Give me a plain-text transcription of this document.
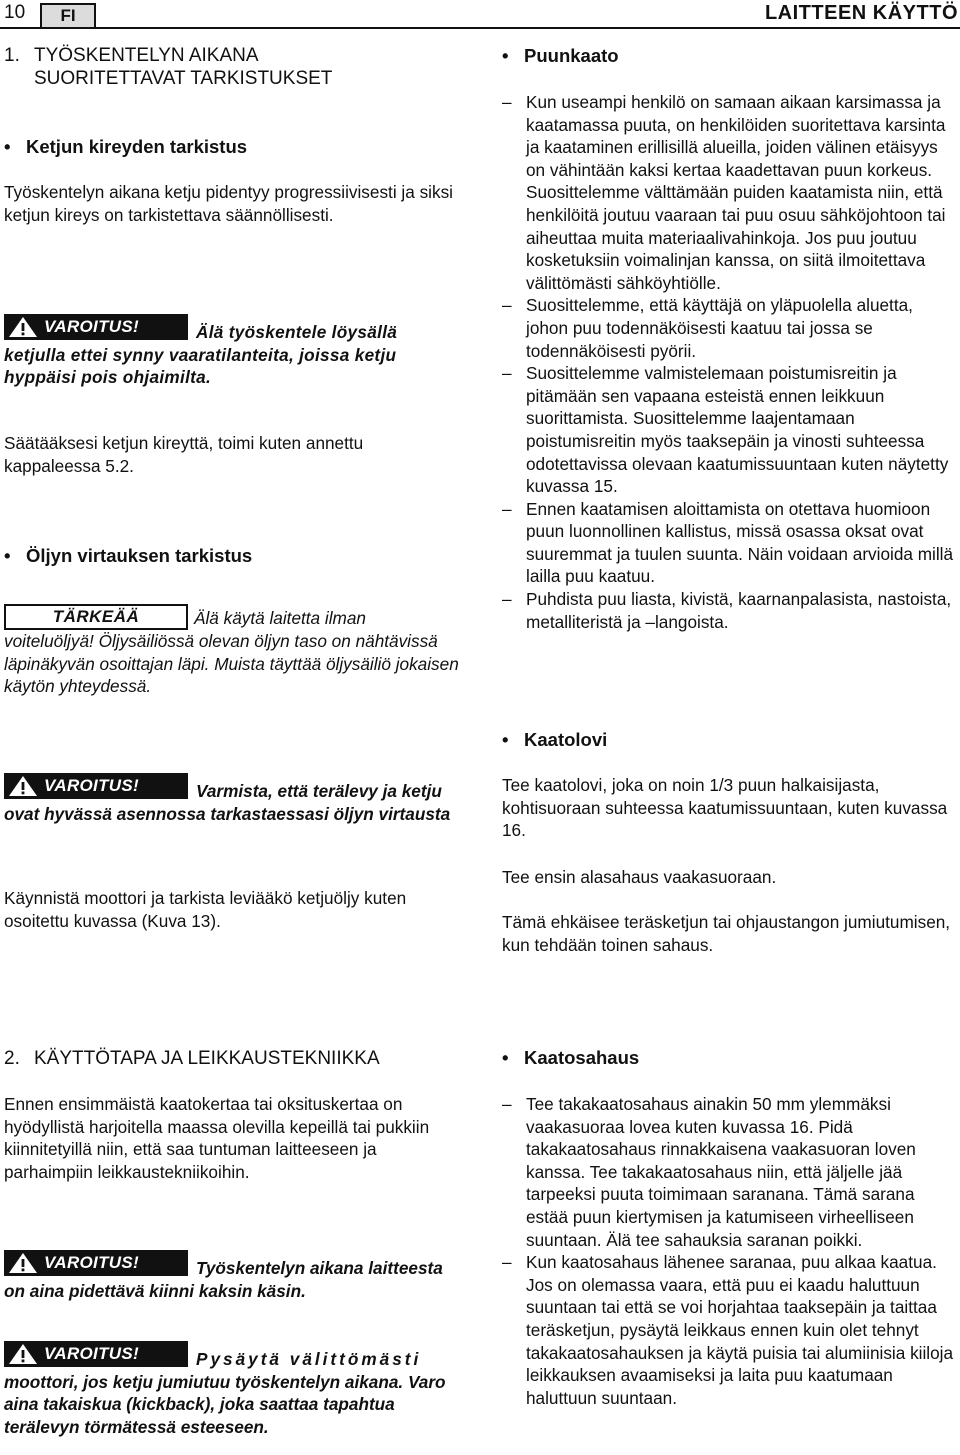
10	FI	LAITTEEN KÄYTTÖ
1. TYÖSKENTELYN AIKANA
SUORITETTAVAT TARKISTUKSET
• Ketjun kireyden tarkistus
Työskentelyn aikana ketju pidentyy progressiivisesti ja siksi ketjun kireys on tarkistettava säännöllisesti.
VAROITUS!	Älä työskentele löysällä ketjulla ettei synny vaaratilanteita, joissa ketju hyppäisi pois ohjaimilta.
Säätääksesi ketjun kireyttä, toimi kuten annettu kappaleessa 5.2.
• Öljyn virtauksen tarkistus
TÄRKEÄÄ	Älä käytä laitetta ilman voiteluöljyä! Öljysäiliössä olevan öljyn taso on nähtävissä läpinäkyvän osoittajan läpi. Muista täyttää öljysäiliö jokaisen käytön yhteydessä.
VAROITUS!	Varmista, että terälevy ja ketju ovat hyvässä asennossa tarkastaessasi öljyn virtausta
Käynnistä moottori ja tarkista leviääkö ketjuöljy kuten osoitettu kuvassa (Kuva 13).
• Puunkaato
– Kun useampi henkilö on samaan aikaan karsimassa ja kaatamassa puuta, on henkilöiden suoritettava karsinta ja kaataminen erillisillä alueilla, joiden välinen etäisyys on vähintään kaksi kertaa kaadettavan puun korkeus. Suosittelemme välttämään puiden kaatamista niin, että henkilöitä joutuu vaaraan tai puu osuu sähköjohtoon tai aiheuttaa muita materiaalivahinkoja. Jos puu joutuu kosketuksiin voimalinjan kanssa, on siitä ilmoitettava välittömästi sähköyhtiölle.
– Suosittelemme, että käyttäjä on yläpuolella aluetta, johon puu todennäköisesti kaatuu tai jossa se todennäköisesti pyörii.
– Suosittelemme valmistelemaan poistumisreitin ja pitämään sen vapaana esteistä ennen leikkuun suorittamista. Suosittelemme laajentamaan poistumisreitin myös taaksepäin ja vinosti suhteessa odotettavissa olevaan kaatumissuuntaan kuten näytetty kuvassa 15.
– Ennen kaatamisen aloittamista on otettava huomioon puun luonnollinen kallistus, missä osassa oksat ovat suuremmat ja tuulen suunta. Näin voidaan arvioida millä lailla puu kaatuu.
– Puhdista puu liasta, kivistä, kaarnanpalasista, nastoista, metalliteristä ja –langoista.
• Kaatolovi
Tee kaatolovi, joka on noin 1/3 puun halkaisijasta, kohtisuoraan suhteessa kaatumissuuntaan, kuten kuvassa 16.
Tee ensin alasahaus vaakasuoraan.
Tämä ehkäisee teräsketjun tai ohjaustangon jumiutumisen, kun tehdään toinen sahaus.
2. KÄYTTÖTAPA JA LEIKKAUSTEKNIIKKA
Ennen ensimmäistä kaatokertaa tai oksituskertaa on hyödyllistä harjoitella maassa olevilla kepeillä tai pukkiin kiinnitetyillä niin, että saa tuntuman laitteeseen ja parhaimpiin leikkaustekniikoihin.
VAROITUS!	Työskentelyn aikana laitteesta on aina pidettävä kiinni kaksin käsin.
VAROITUS!	Pysäytä välittömästi moottori, jos ketju jumiutuu työskentelyn aikana. Varo aina takaiskua (kickback), joka saattaa tapahtua terälevyn törmätessä esteeseen.
• Kaatosahaus
– Tee takakaatosahaus ainakin 50 mm ylemmäksi vaakasuoraa lovea kuten kuvassa 16. Pidä takakaatosahaus rinnakkaisena vaakasuoran loven kanssa. Tee takakaatosahaus niin, että jäljelle jää tarpeeksi puuta toimimaan saranana. Tämä sarana estää puun kiertymisen ja katumiseen virheelliseen suuntaan. Älä tee sahauksia saranan poikki.
– Kun kaatosahaus lähenee saranaa, puu alkaa kaatua. Jos on olemassa vaara, että puu ei kaadu haluttuun suuntaan tai että se voi horjahtaa taaksepäin ja taittaa teräsketjun, pysäytä leikkaus ennen kuin olet tehnyt takakaatosahauksen ja käytä puisia tai alumiinisia kiiloja leikkauksen avaamiseksi ja laita puu kaatumaan haluttuun suuntaan.
